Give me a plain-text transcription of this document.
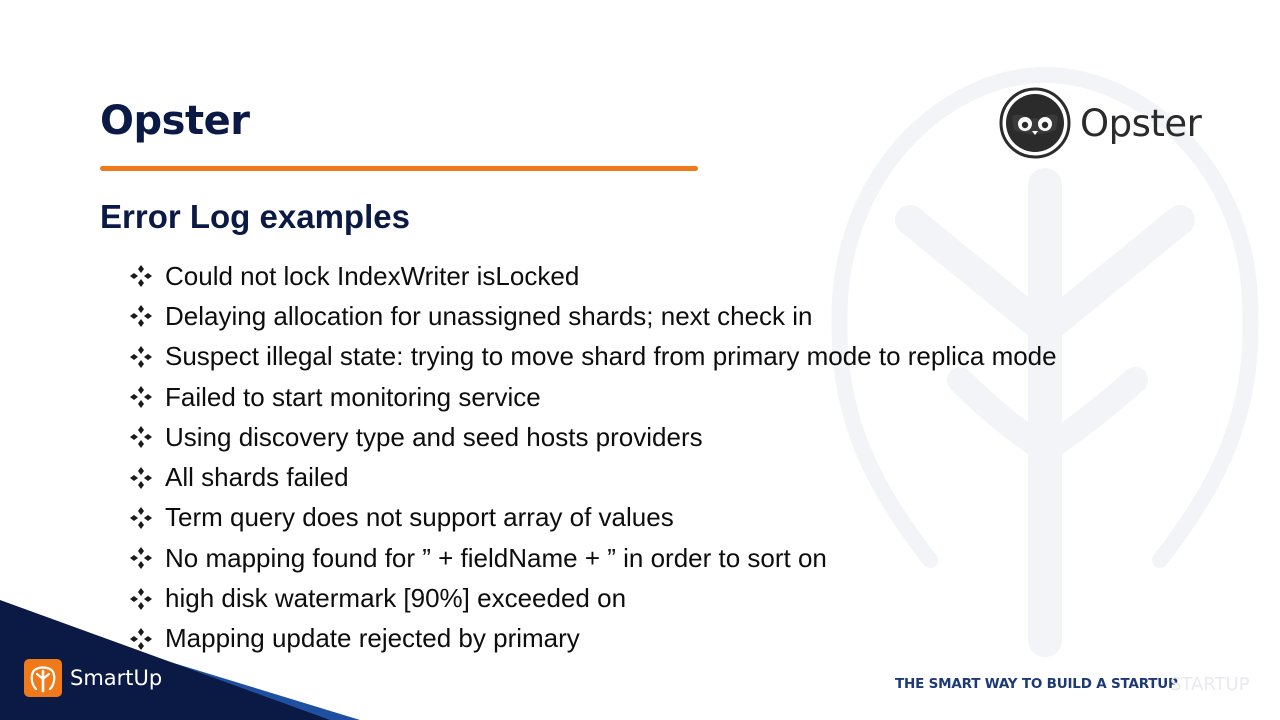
Opster	Opster
Error Log examples
Could not lock IndexWriter isLocked
Delaying allocation for unassigned shards; next check in
Suspect illegal state: trying to move shard from primary mode to replica mode
Failed to start monitoring service
Using discovery type and seed hosts providers
All shards failed
Term query does not support array of values
No mapping found for ” + fieldName + ” in order to sort on
high disk watermark [90%] exceeded on
Mapping update rejected by primary
SmartUp	THE SMART WAY TO BUILD A STARTUP
STARTUP
